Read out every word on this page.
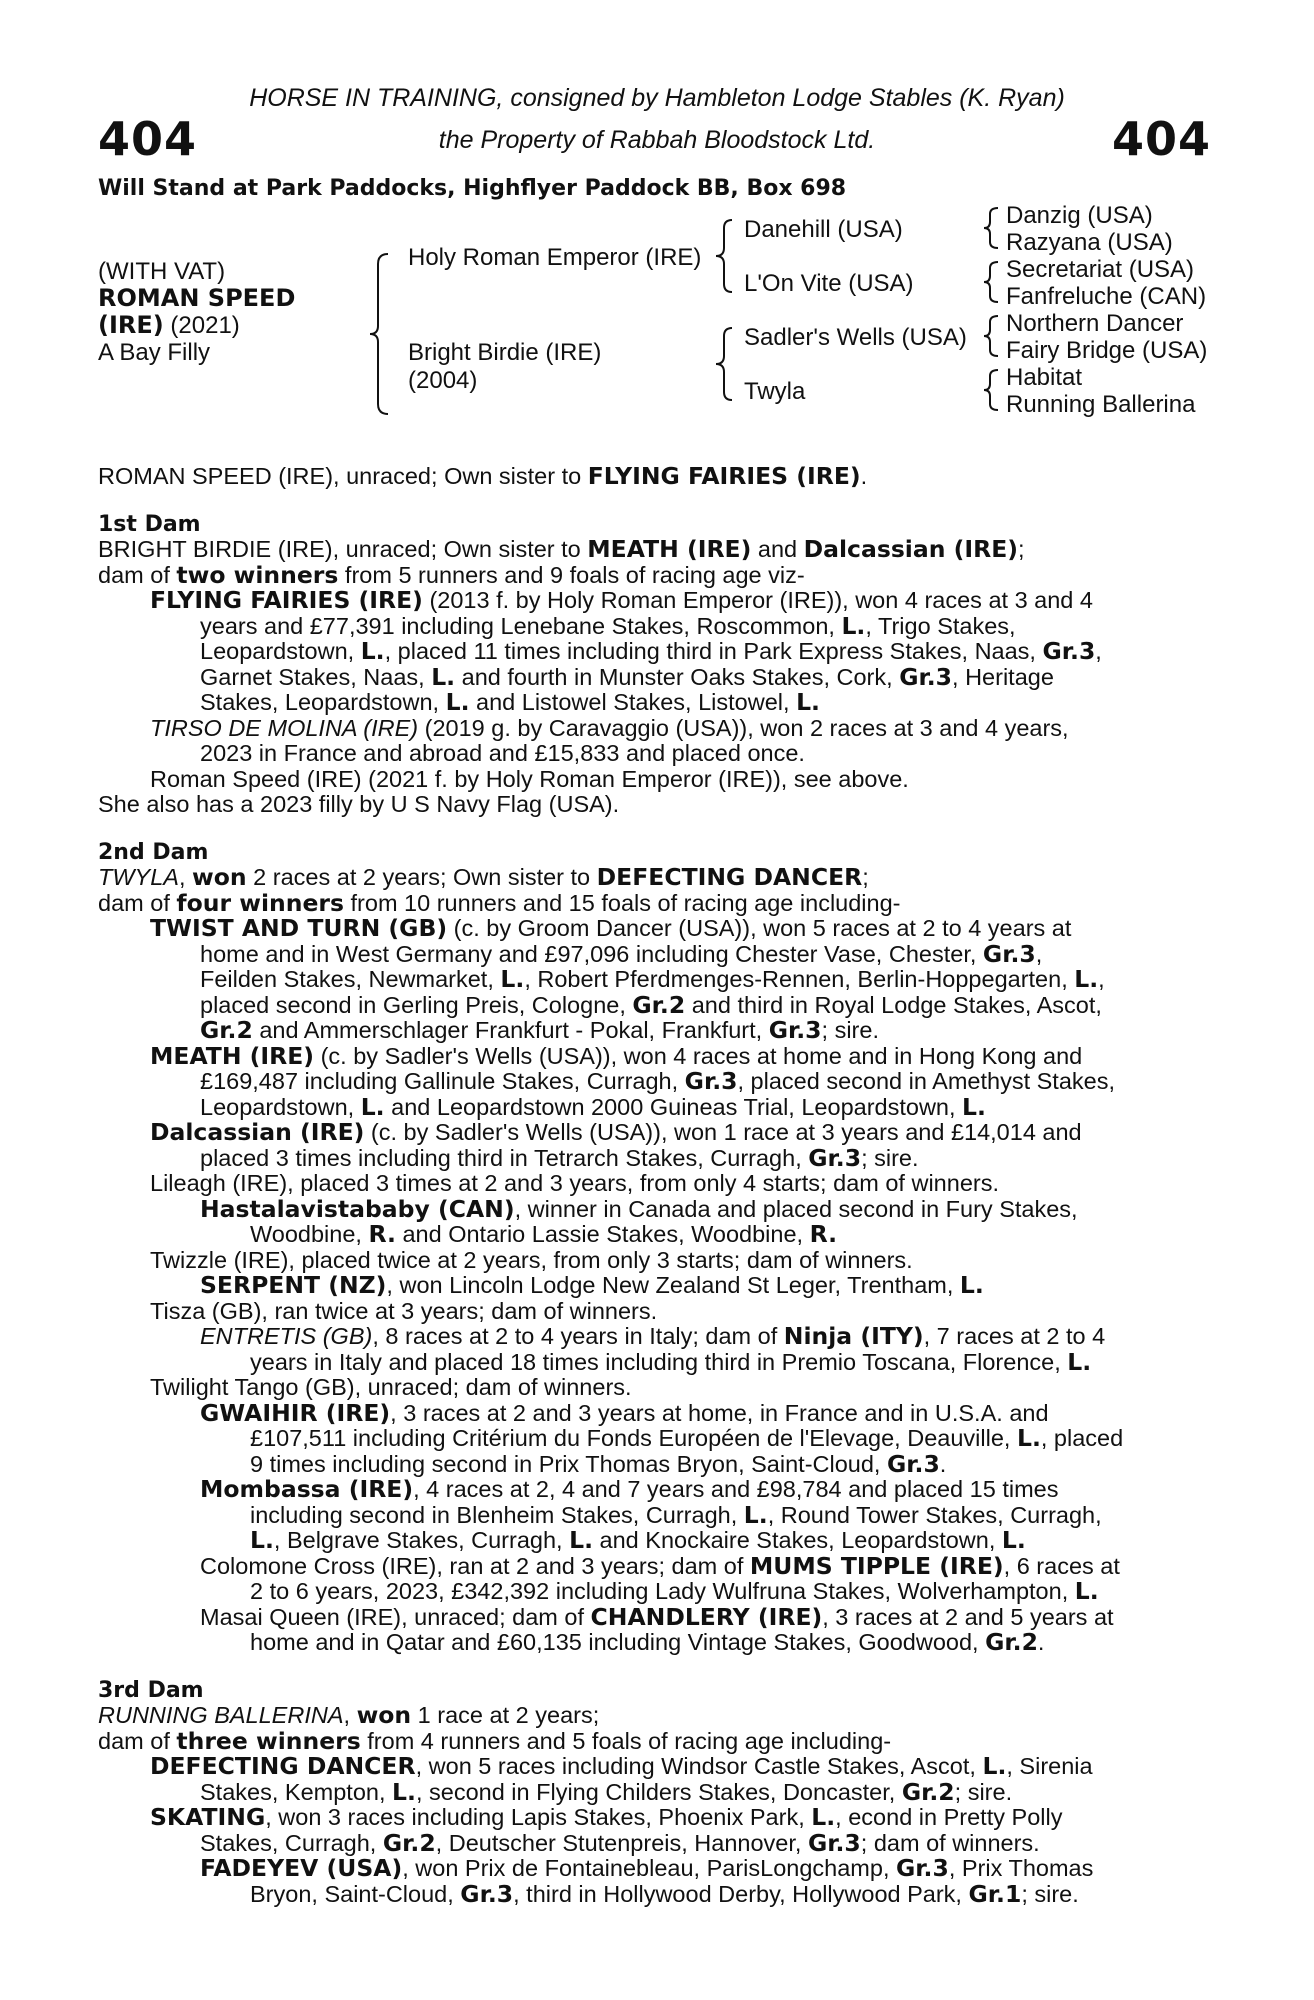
HORSE IN TRAINING, consigned by Hambleton Lodge Stables (K. Ryan)
the Property of Rabbah Bloodstock Ltd.
404	404
Will Stand at Park Paddocks, Highflyer Paddock BB, Box 698
(WITH VAT)
ROMAN SPEED
(IRE) (2021)
A Bay Filly
Holy Roman Emperor (IRE)
Bright Birdie (IRE)
(2004)
Danehill (USA)
L'On Vite (USA)
Sadler's Wells (USA)
Twyla
Danzig (USA)
Razyana (USA)
Secretariat (USA)
Fanfreluche (CAN)
Northern Dancer
Fairy Bridge (USA)
Habitat
Running Ballerina
ROMAN SPEED (IRE), unraced; Own sister to FLYING FAIRIES (IRE).
1st Dam
BRIGHT BIRDIE (IRE), unraced; Own sister to MEATH (IRE) and Dalcassian (IRE);
dam of two winners from 5 runners and 9 foals of racing age viz-
FLYING FAIRIES (IRE) (2013 f. by Holy Roman Emperor (IRE)), won 4 races at 3 and 4
years and £77,391 including Lenebane Stakes, Roscommon, L., Trigo Stakes,
Leopardstown, L., placed 11 times including third in Park Express Stakes, Naas, Gr.3,
Garnet Stakes, Naas, L. and fourth in Munster Oaks Stakes, Cork, Gr.3, Heritage
Stakes, Leopardstown, L. and Listowel Stakes, Listowel, L.
TIRSO DE MOLINA (IRE) (2019 g. by Caravaggio (USA)), won 2 races at 3 and 4 years,
2023 in France and abroad and £15,833 and placed once.
Roman Speed (IRE) (2021 f. by Holy Roman Emperor (IRE)), see above.
She also has a 2023 filly by U S Navy Flag (USA).
2nd Dam
TWYLA, won 2 races at 2 years; Own sister to DEFECTING DANCER;
dam of four winners from 10 runners and 15 foals of racing age including-
TWIST AND TURN (GB) (c. by Groom Dancer (USA)), won 5 races at 2 to 4 years at
home and in West Germany and £97,096 including Chester Vase, Chester, Gr.3,
Feilden Stakes, Newmarket, L., Robert Pferdmenges-Rennen, Berlin-Hoppegarten, L.,
placed second in Gerling Preis, Cologne, Gr.2 and third in Royal Lodge Stakes, Ascot,
Gr.2 and Ammerschlager Frankfurt - Pokal, Frankfurt, Gr.3; sire.
MEATH (IRE) (c. by Sadler's Wells (USA)), won 4 races at home and in Hong Kong and
£169,487 including Gallinule Stakes, Curragh, Gr.3, placed second in Amethyst Stakes,
Leopardstown, L. and Leopardstown 2000 Guineas Trial, Leopardstown, L.
Dalcassian (IRE) (c. by Sadler's Wells (USA)), won 1 race at 3 years and £14,014 and
placed 3 times including third in Tetrarch Stakes, Curragh, Gr.3; sire.
Lileagh (IRE), placed 3 times at 2 and 3 years, from only 4 starts; dam of winners.
Hastalavistababy (CAN), winner in Canada and placed second in Fury Stakes,
Woodbine, R. and Ontario Lassie Stakes, Woodbine, R.
Twizzle (IRE), placed twice at 2 years, from only 3 starts; dam of winners.
SERPENT (NZ), won Lincoln Lodge New Zealand St Leger, Trentham, L.
Tisza (GB), ran twice at 3 years; dam of winners.
ENTRETIS (GB), 8 races at 2 to 4 years in Italy; dam of Ninja (ITY), 7 races at 2 to 4
years in Italy and placed 18 times including third in Premio Toscana, Florence, L.
Twilight Tango (GB), unraced; dam of winners.
GWAIHIR (IRE), 3 races at 2 and 3 years at home, in France and in U.S.A. and
£107,511 including Critérium du Fonds Européen de l'Elevage, Deauville, L., placed
9 times including second in Prix Thomas Bryon, Saint-Cloud, Gr.3.
Mombassa (IRE), 4 races at 2, 4 and 7 years and £98,784 and placed 15 times
including second in Blenheim Stakes, Curragh, L., Round Tower Stakes, Curragh,
L., Belgrave Stakes, Curragh, L. and Knockaire Stakes, Leopardstown, L.
Colomone Cross (IRE), ran at 2 and 3 years; dam of MUMS TIPPLE (IRE), 6 races at
2 to 6 years, 2023, £342,392 including Lady Wulfruna Stakes, Wolverhampton, L.
Masai Queen (IRE), unraced; dam of CHANDLERY (IRE), 3 races at 2 and 5 years at
home and in Qatar and £60,135 including Vintage Stakes, Goodwood, Gr.2.
3rd Dam
RUNNING BALLERINA, won 1 race at 2 years;
dam of three winners from 4 runners and 5 foals of racing age including-
DEFECTING DANCER, won 5 races including Windsor Castle Stakes, Ascot, L., Sirenia
Stakes, Kempton, L., second in Flying Childers Stakes, Doncaster, Gr.2; sire.
SKATING, won 3 races including Lapis Stakes, Phoenix Park, L., econd in Pretty Polly
Stakes, Curragh, Gr.2, Deutscher Stutenpreis, Hannover, Gr.3; dam of winners.
FADEYEV (USA), won Prix de Fontainebleau, ParisLongchamp, Gr.3, Prix Thomas
Bryon, Saint-Cloud, Gr.3, third in Hollywood Derby, Hollywood Park, Gr.1; sire.
